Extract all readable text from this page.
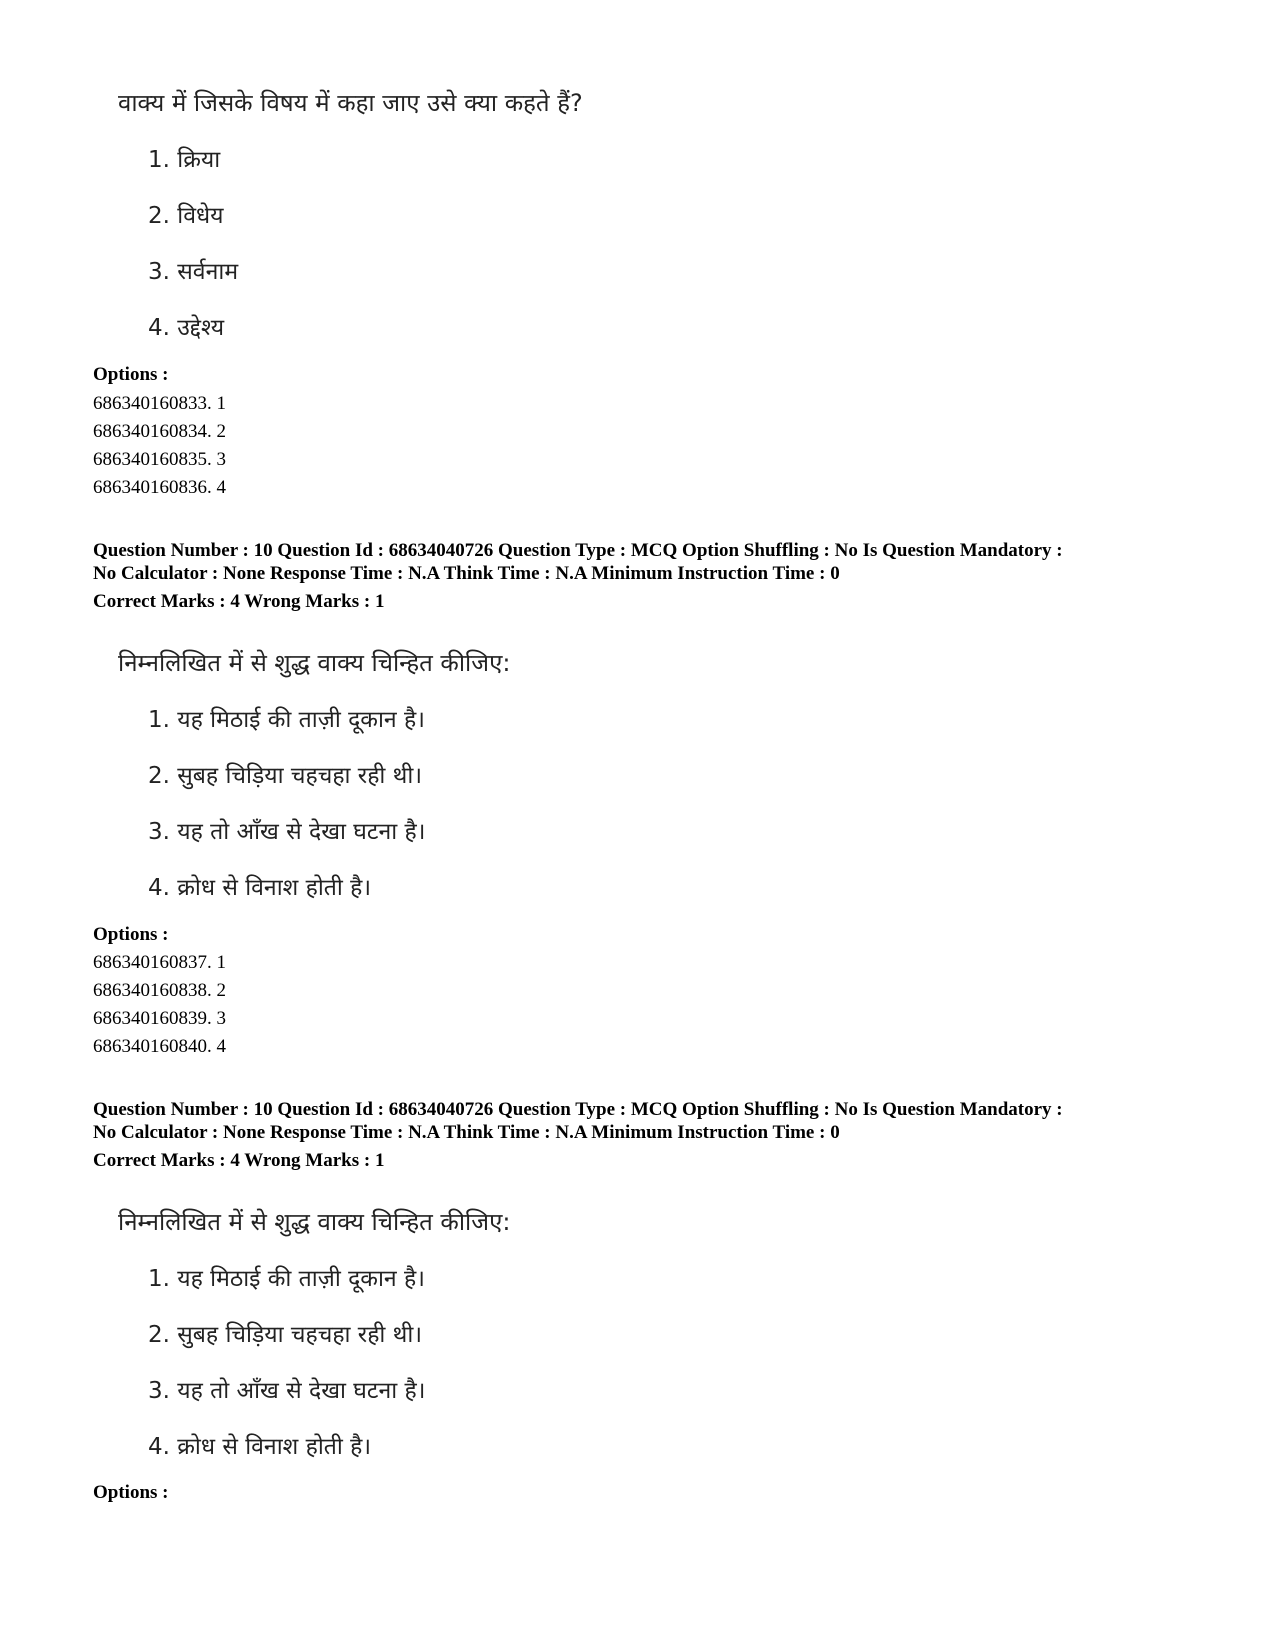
वाक्य में जिसके विषय में कहा जाए उसे क्या कहते हैं?
1. क्रिया
2. विधेय
3. सर्वनाम
4. उद्देश्य
Options :
686340160833. 1
686340160834. 2
686340160835. 3
686340160836. 4
Question Number : 10 Question Id : 68634040726 Question Type : MCQ Option Shuffling : No Is Question Mandatory :
No Calculator : None Response Time : N.A Think Time : N.A Minimum Instruction Time : 0
Correct Marks : 4 Wrong Marks : 1
निम्नलिखित में से शुद्ध वाक्य चिन्हित कीजिए:
1. यह मिठाई की ताज़ी दूकान है।
2. सुबह चिड़िया चहचहा रही थी।
3. यह तो आँख से देखा घटना है।
4. क्रोध से विनाश होती है।
Options :
686340160837. 1
686340160838. 2
686340160839. 3
686340160840. 4
Question Number : 10 Question Id : 68634040726 Question Type : MCQ Option Shuffling : No Is Question Mandatory :
No Calculator : None Response Time : N.A Think Time : N.A Minimum Instruction Time : 0
Correct Marks : 4 Wrong Marks : 1
निम्नलिखित में से शुद्ध वाक्य चिन्हित कीजिए:
1. यह मिठाई की ताज़ी दूकान है।
2. सुबह चिड़िया चहचहा रही थी।
3. यह तो आँख से देखा घटना है।
4. क्रोध से विनाश होती है।
Options :
